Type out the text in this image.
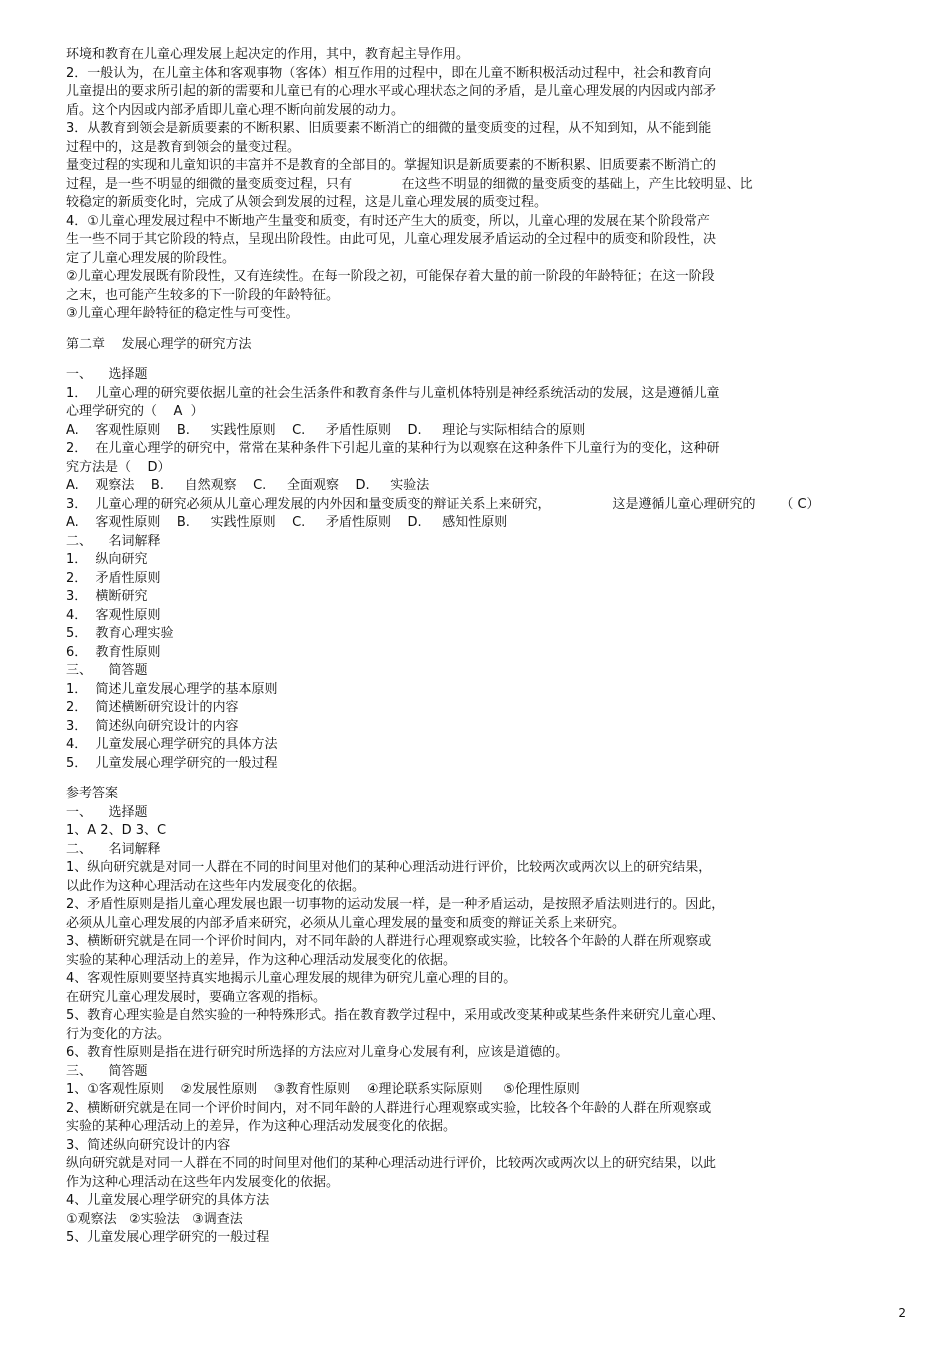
环境和教育在儿童心理发展上起决定的作用，其中，教育起主导作用。
2．一般认为，在儿童主体和客观事物（客体）相互作用的过程中，即在儿童不断积极活动过程中，社会和教育向
儿童提出的要求所引起的新的需要和儿童已有的心理水平或心理状态之间的矛盾，是儿童心理发展的内因或内部矛
盾。这个内因或内部矛盾即儿童心理不断向前发展的动力。
3．从教育到领会是新质要素的不断积累、旧质要素不断消亡的细微的量变质变的过程，从不知到知，从不能到能
过程中的，这是教育到领会的量变过程。
量变过程的实现和儿童知识的丰富并不是教育的全部目的。掌握知识是新质要素的不断积累、旧质要素不断消亡的
过程，是一些不明显的细微的量变质变过程，只有            在这些不明显的细微的量变质变的基础上，产生比较明显、比
较稳定的新质变化时，完成了从领会到发展的过程，这是儿童心理发展的质变过程。
4．①儿童心理发展过程中不断地产生量变和质变，有时还产生大的质变，所以，儿童心理的发展在某个阶段常产
生一些不同于其它阶段的特点，呈现出阶段性。由此可见，儿童心理发展矛盾运动的全过程中的质变和阶段性，决
定了儿童心理发展的阶段性。
②儿童心理发展既有阶段性，又有连续性。在每一阶段之初，可能保存着大量的前一阶段的年龄特征；在这一阶段
之末，也可能产生较多的下一阶段的年龄特征。
③儿童心理年龄特征的稳定性与可变性。
第二章    发展心理学的研究方法
一、    选择题
1．  儿童心理的研究要依据儿童的社会生活条件和教育条件与儿童机体特别是神经系统活动的发展，这是遵循儿童
心理学研究的（    A  ）
A.    客观性原则    B.     实践性原则    C.     矛盾性原则    D.     理论与实际相结合的原则
2．  在儿童心理学的研究中，常常在某种条件下引起儿童的某种行为以观察在这种条件下儿童行为的变化，这种研
究方法是（    D）
A.    观察法    B.     自然观察    C.     全面观察    D.     实验法
3．  儿童心理的研究必须从儿童心理发展的内外因和量变质变的辩证关系上来研究，               这是遵循儿童心理研究的      （ C）
A.    客观性原则    B.     实践性原则    C.     矛盾性原则    D.     感知性原则
二、    名词解释
1．  纵向研究
2．  矛盾性原则
3．  横断研究
4．  客观性原则
5．  教育心理实验
6．  教育性原则
三、    简答题
1．  简述儿童发展心理学的基本原则
2．  简述横断研究设计的内容
3．  简述纵向研究设计的内容
4．  儿童发展心理学研究的具体方法
5．  儿童发展心理学研究的一般过程
参考答案
一、    选择题
1、A 2、D 3、C
二、    名词解释
1、纵向研究就是对同一人群在不同的时间里对他们的某种心理活动进行评价，比较两次或两次以上的研究结果，
以此作为这种心理活动在这些年内发展变化的依据。
2、矛盾性原则是指儿童心理发展也跟一切事物的运动发展一样，是一种矛盾运动，是按照矛盾法则进行的。因此，
必须从儿童心理发展的内部矛盾来研究，必须从儿童心理发展的量变和质变的辩证关系上来研究。
3、横断研究就是在同一个评价时间内，对不同年龄的人群进行心理观察或实验，比较各个年龄的人群在所观察或
实验的某种心理活动上的差异，作为这种心理活动发展变化的依据。
4、客观性原则要坚持真实地揭示儿童心理发展的规律为研究儿童心理的目的。
在研究儿童心理发展时，要确立客观的指标。
5、教育心理实验是自然实验的一种特殊形式。指在教育教学过程中，采用或改变某种或某些条件来研究儿童心理、
行为变化的方法。
6、教育性原则是指在进行研究时所选择的方法应对儿童身心发展有利，应该是道德的。
三、    简答题
1、①客观性原则    ②发展性原则    ③教育性原则    ④理论联系实际原则     ⑤伦理性原则
2、横断研究就是在同一个评价时间内，对不同年龄的人群进行心理观察或实验，比较各个年龄的人群在所观察或
实验的某种心理活动上的差异，作为这种心理活动发展变化的依据。
3、简述纵向研究设计的内容
纵向研究就是对同一人群在不同的时间里对他们的某种心理活动进行评价，比较两次或两次以上的研究结果，以此
作为这种心理活动在这些年内发展变化的依据。
4、儿童发展心理学研究的具体方法
①观察法   ②实验法   ③调查法
5、儿童发展心理学研究的一般过程
2
